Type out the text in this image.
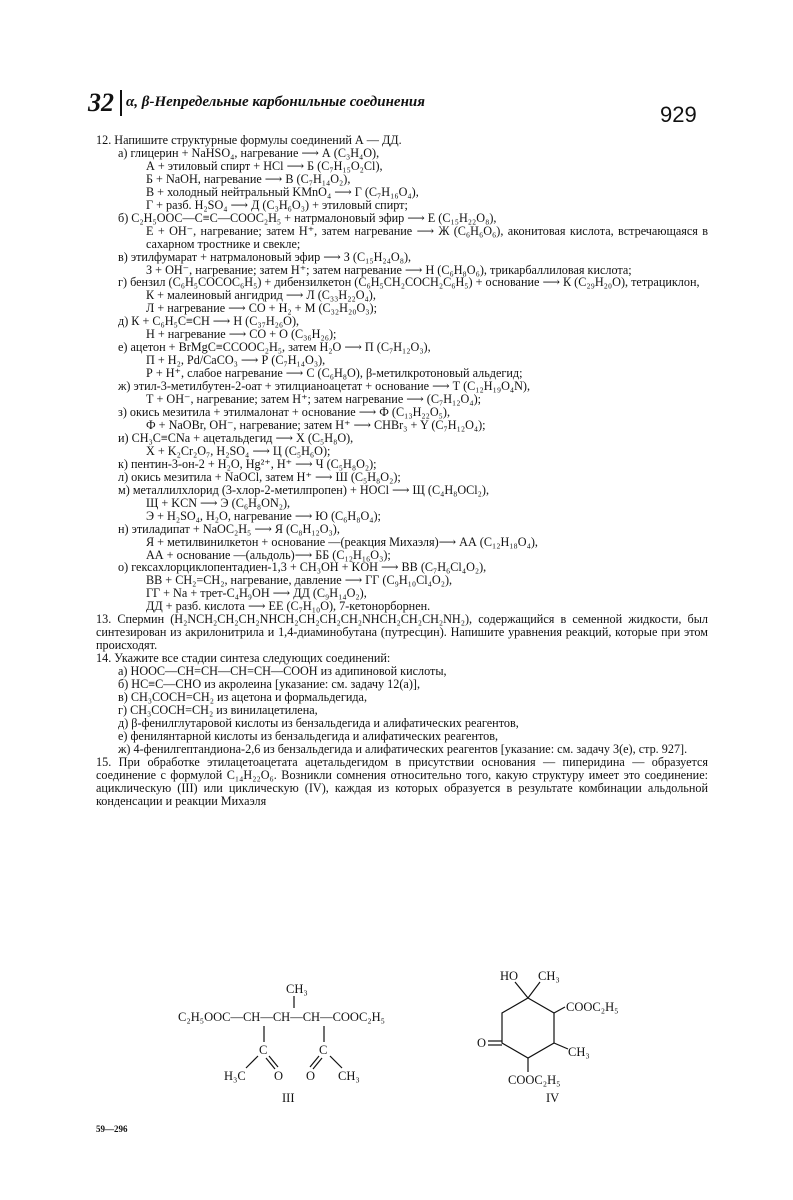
32 α, β-Непредельные карбонильные соединения	929
12. Напишите структурные формулы соединений А — ДД.
а) глицерин + NaHSO₄, нагревание ⟶ А (C₃H₄O),
А + этиловый спирт + HCl ⟶ Б (C₇H₁₅O₂Cl),
Б + NaOH, нагревание ⟶ В (C₇H₁₄O₂),
В + холодный нейтральный KMnO₄ ⟶ Г (C₇H₁₆O₄),
Г + разб. H₂SO₄ ⟶ Д (C₃H₆O₃) + этиловый спирт;
б) C₂H₅OOC—C≡C—COOC₂H₅ + натрмалоновый эфир ⟶ Е (C₁₅H₂₂O₈),
Е + OH⁻, нагревание; затем H⁺, затем нагревание ⟶ Ж (C₆H₆O₆), аконитовая кислота, встречающаяся в сахарном тростнике и свекле;
в) этилфумарат + натрмалоновый эфир ⟶ З (C₁₅H₂₄O₈),
З + OH⁻, нагревание; затем H⁺; затем нагревание ⟶ Н (C₆H₈O₆), трикарбаллиловая кислота;
г) бензил (C₆H₅COCOC₆H₅) + дибензилкетон (C₆H₅CH₂COCH₂C₆H₅) + основание ⟶ К (C₂₉H₂₀O), тетрациклон,
К + малеиновый ангидрид ⟶ Л (C₃₃H₂₂O₄),
Л + нагревание ⟶ CO + H₂ + М (C₃₂H₂₀O₃);
д) К + C₆H₅C≡CH ⟶ Н (C₃₇H₂₆O),
Н + нагревание ⟶ CO + O (C₃₆H₂₆);
е) ацетон + BrMgC≡CCOOC₂H₅, затем H₂O ⟶ П (C₇H₁₂O₃),
П + H₂, Pd/CaCO₃ ⟶ Р (C₇H₁₄O₃),
Р + H⁺, слабое нагревание ⟶ С (C₆H₈O), β-метилкротоновый альдегид;
ж) этил-3-метилбутен-2-оат + этилцианоацетат + основание ⟶ Т (C₁₂H₁₉O₄N),
Т + OH⁻, нагревание; затем H⁺; затем нагревание ⟶ (C₇H₁₂O₄);
з) окись мезитила + этилмалонат + основание ⟶ Ф (C₁₃H₂₂O₅),
Ф + NaOBr, OH⁻, нагревание; затем H⁺ ⟶ CHBr₃ + Y (C₇H₁₂O₄);
и) CH₃C≡CNa + ацетальдегид ⟶ Х (C₅H₈O),
Х + K₂Cr₂O₇, H₂SO₄ ⟶ Ц (C₅H₆O);
к) пентин-3-он-2 + H₂O, Hg²⁺, H⁺ ⟶ Ч (C₅H₈O₂);
л) окись мезитила + NaOCl, затем H⁺ ⟶ Ш (C₅H₈O₂);
м) металлилхлорид (3-хлор-2-метилпропен) + HOCl ⟶ Щ (C₄H₈OCl₂),
Щ + KCN ⟶ Э (C₆H₈ON₂),
Э + H₂SO₄, H₂O, нагревание ⟶ Ю (C₆H₈O₄);
н) этиладипат + NaOC₂H₅ ⟶ Я (C₈H₁₂O₃),
Я + метилвинилкетон + основание —(реакция Михаэля)⟶ АА (C₁₂H₁₈O₄),
АА + основание —(альдоль)⟶ ББ (C₁₂H₁₆O₃);
о) гексахлорциклопентадиен-1,3 + CH₃OH + KOH ⟶ ВВ (C₇H₆Cl₄O₂),
ВВ + CH₂=CH₂, нагревание, давление ⟶ ГГ (C₉H₁₀Cl₄O₂),
ГГ + Na + трет-C₄H₉OH ⟶ ДД (C₉H₁₄O₂),
ДД + разб. кислота ⟶ ЕЕ (C₇H₁₀O), 7-кетонорборнен.
13. Спермин (H₂NCH₂CH₂CH₂NHCH₂CH₂CH₂CH₂NHCH₂CH₂CH₂NH₂), содержащийся в семенной жидкости, был синтезирован из акрилонитрила и 1,4-диаминобутана (путресцин). Напишите уравнения реакций, которые при этом происходят.
14. Укажите все стадии синтеза следующих соединений:
а) HOOC—CH=CH—CH=CH—COOH из адипиновой кислоты,
б) HC≡C—CHO из акролеина [указание: см. задачу 12(а)],
в) CH₃COCH=CH₂ из ацетона и формальдегида,
г) CH₃COCH=CH₂ из винилацетилена,
д) β-фенилглутаровой кислоты из бензальдегида и алифатических реагентов,
е) фенилянтарной кислоты из бензальдегида и алифатических реагентов,
ж) 4-фенилгептандиона-2,6 из бензальдегида и алифатических реагентов [указание: см. задачу 3(е), стр. 927].
15. При обработке этилацетоацетата ацетальдегидом в присутствии основания — пиперидина — образуется соединение с формулой C₁₄H₂₂O₆. Возникли сомнения относительно того, какую структуру имеет это соединение: ациклическую (III) или циклическую (IV), каждая из которых образуется в результате комбинации альдольной конденсации и реакции Михаэля
CH₃
C₂H₅OOC—CH—CH—CH—COOC₂H₅
C	C
H₃C O O CH₃
III
HO CH₃
COOC₂H₅
CH₃
O
COOC₂H₅
IV
59—296
